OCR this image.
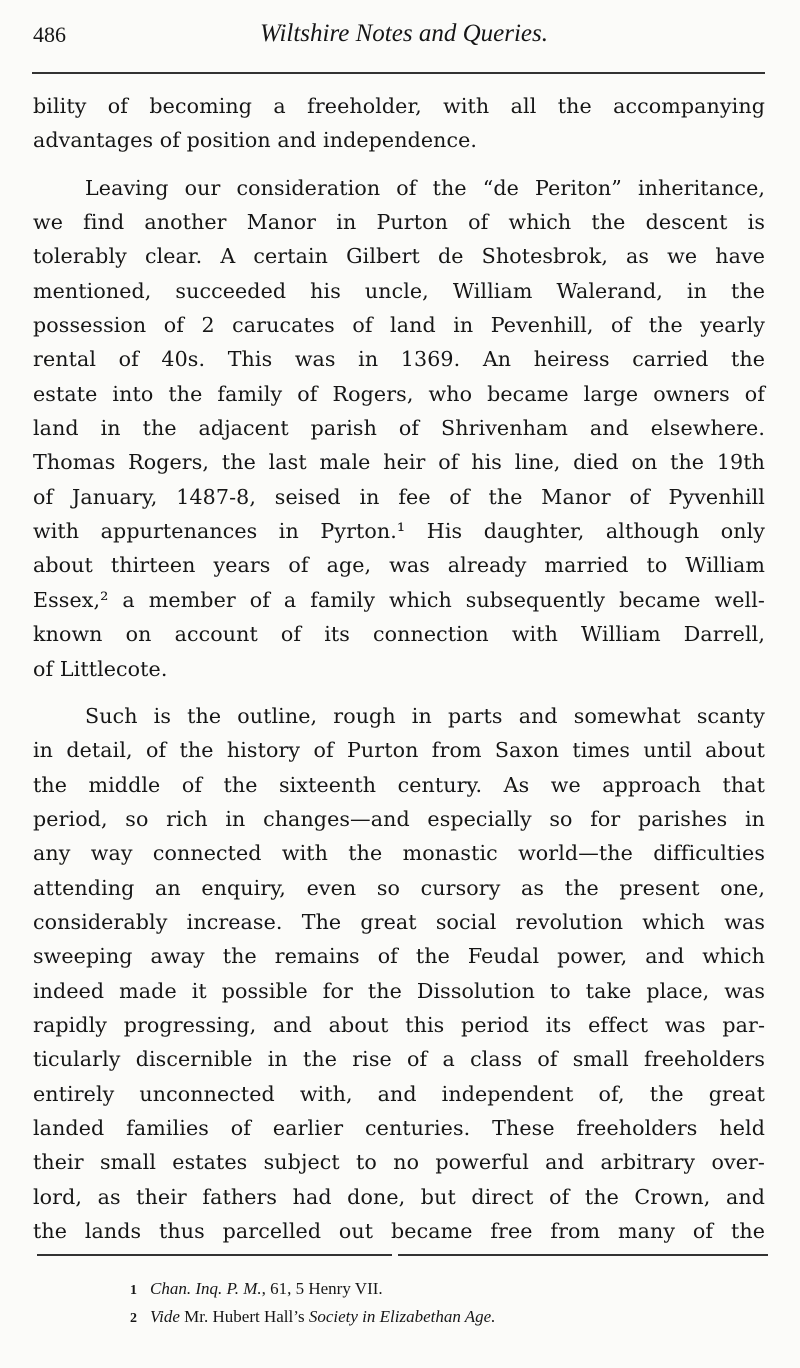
486	Wiltshire Notes and Queries.
bility of becoming a freeholder, with all the accompanying
advantages of position and independence.
Leaving our consideration of the “de Periton” inheritance,
we find another Manor in Purton of which the descent is
tolerably clear. A certain Gilbert de Shotesbrok, as we have
mentioned, succeeded his uncle, William Walerand, in the
possession of 2 carucates of land in Pevenhill, of the yearly
rental of 40s. This was in 1369. An heiress carried the
estate into the family of Rogers, who became large owners of
land in the adjacent parish of Shrivenham and elsewhere.
Thomas Rogers, the last male heir of his line, died on the 19th
of January, 1487-8, seised in fee of the Manor of Pyvenhill
with appurtenances in Pyrton.¹ His daughter, although only
about thirteen years of age, was already married to William
Essex,² a member of a family which subsequently became well-
known on account of its connection with William Darrell,
of Littlecote.
Such is the outline, rough in parts and somewhat scanty
in detail, of the history of Purton from Saxon times until about
the middle of the sixteenth century. As we approach that
period, so rich in changes—and especially so for parishes in
any way connected with the monastic world—the difficulties
attending an enquiry, even so cursory as the present one,
considerably increase. The great social revolution which was
sweeping away the remains of the Feudal power, and which
indeed made it possible for the Dissolution to take place, was
rapidly progressing, and about this period its effect was par-
ticularly discernible in the rise of a class of small freeholders
entirely unconnected with, and independent of, the great
landed families of earlier centuries. These freeholders held
their small estates subject to no powerful and arbitrary over-
lord, as their fathers had done, but direct of the Crown, and
the lands thus parcelled out became free from many of the
1 Chan. Inq. P. M., 61, 5 Henry VII.
2 Vide Mr. Hubert Hall’s Society in Elizabethan Age.
